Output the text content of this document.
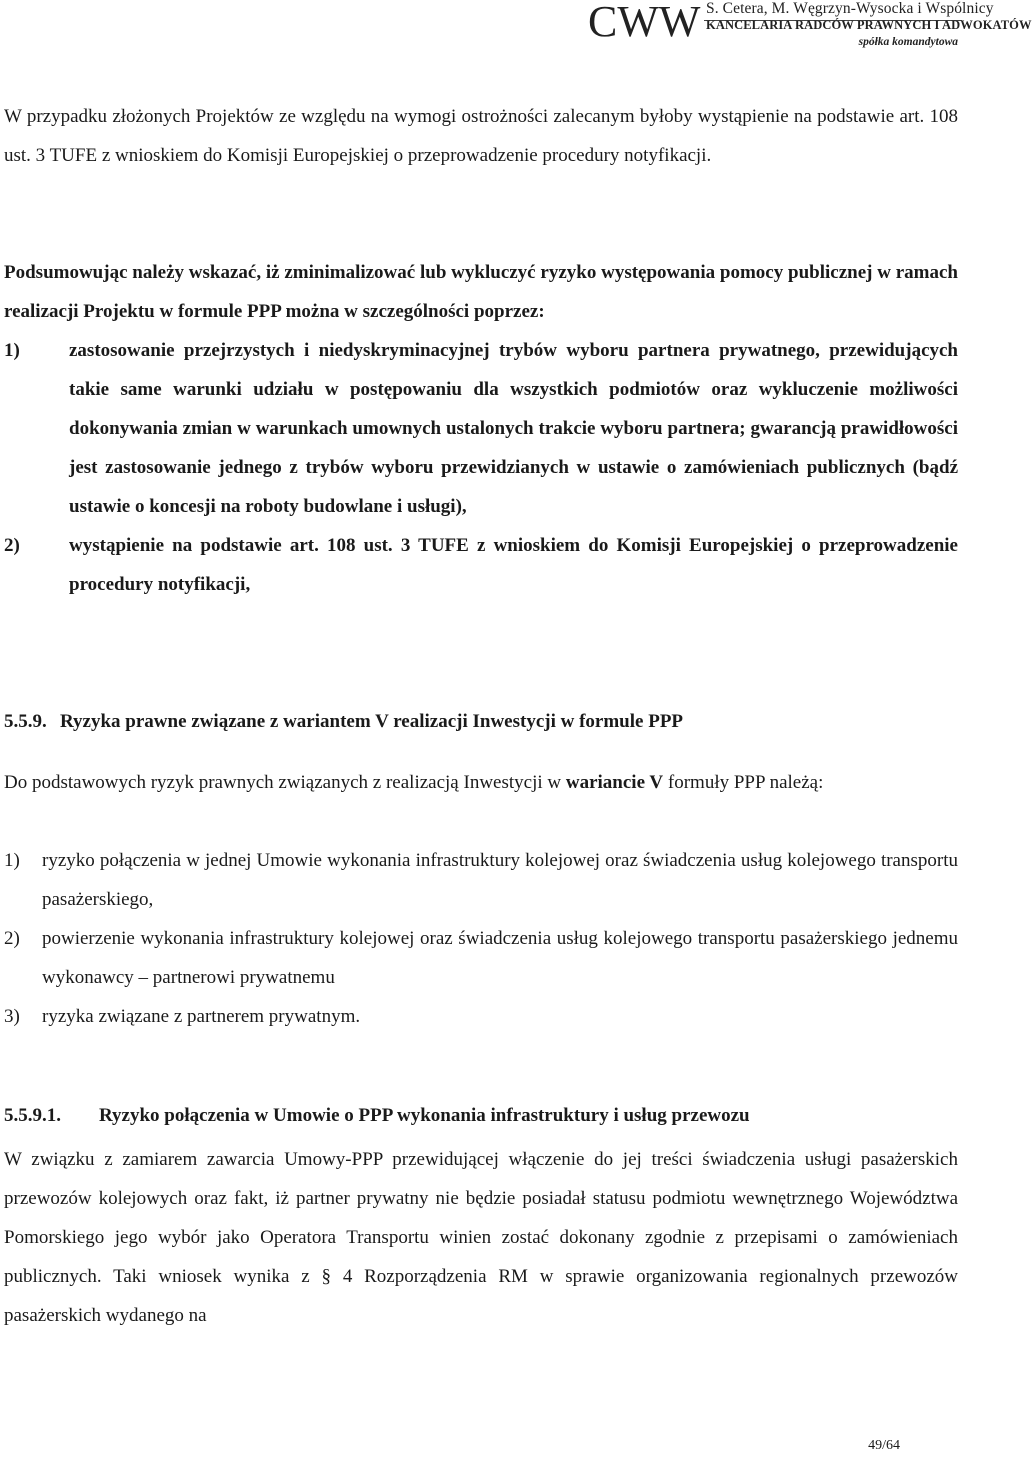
CWW S. Cetera, M. Węgrzyn-Wysocka i Wspólnicy
KANCELARIA RADCÓW PRAWNYCH I ADWOKATÓW
spółka komandytowa

W przypadku złożonych Projektów ze względu na wymogi ostrożności zalecanym byłoby wystąpienie na podstawie art. 108 ust. 3 TUFE z wnioskiem do Komisji Europejskiej o przeprowadzenie procedury notyfikacji.

Podsumowując należy wskazać, iż zminimalizować lub wykluczyć ryzyko występowania pomocy publicznej w ramach realizacji Projektu w formule PPP można w szczególności poprzez:

1)	zastosowanie przejrzystych i niedyskryminacyjnej trybów wyboru partnera prywatnego, przewidujących takie same warunki udziału w postępowaniu dla wszystkich podmiotów oraz wykluczenie możliwości dokonywania zmian w warunkach umownych ustalonych trakcie wyboru partnera; gwarancją prawidłowości jest zastosowanie jednego z trybów wyboru przewidzianych w ustawie o zamówieniach publicznych (bądź ustawie o koncesji na roboty budowlane i usługi),
2)	wystąpienie na podstawie art. 108 ust. 3 TUFE z wnioskiem do Komisji Europejskiej o przeprowadzenie procedury notyfikacji,
5.5.9. Ryzyka prawne związane z wariantem V realizacji Inwestycji w formule PPP

Do podstawowych ryzyk prawnych związanych z realizacją Inwestycji w wariancie V formuły PPP należą:

1) ryzyko połączenia w jednej Umowie wykonania infrastruktury kolejowej oraz świadczenia usług kolejowego transportu pasażerskiego,
2) powierzenie wykonania infrastruktury kolejowej oraz świadczenia usług kolejowego transportu pasażerskiego jednemu wykonawcy – partnerowi prywatnemu
3) ryzyka związane z partnerem prywatnym.
5.5.9.1. Ryzyko połączenia w Umowie o PPP wykonania infrastruktury i usług przewozu

W związku z zamiarem zawarcia Umowy-PPP przewidującej włączenie do jej treści świadczenia usługi pasażerskich przewozów kolejowych oraz fakt, iż partner prywatny nie będzie posiadał statusu podmiotu wewnętrznego Województwa Pomorskiego jego wybór jako Operatora Transportu winien zostać dokonany zgodnie z przepisami o zamówieniach publicznych. Taki wniosek wynika z § 4 Rozporządzenia RM w sprawie organizowania regionalnych przewozów pasażerskich wydanego na

49/64
